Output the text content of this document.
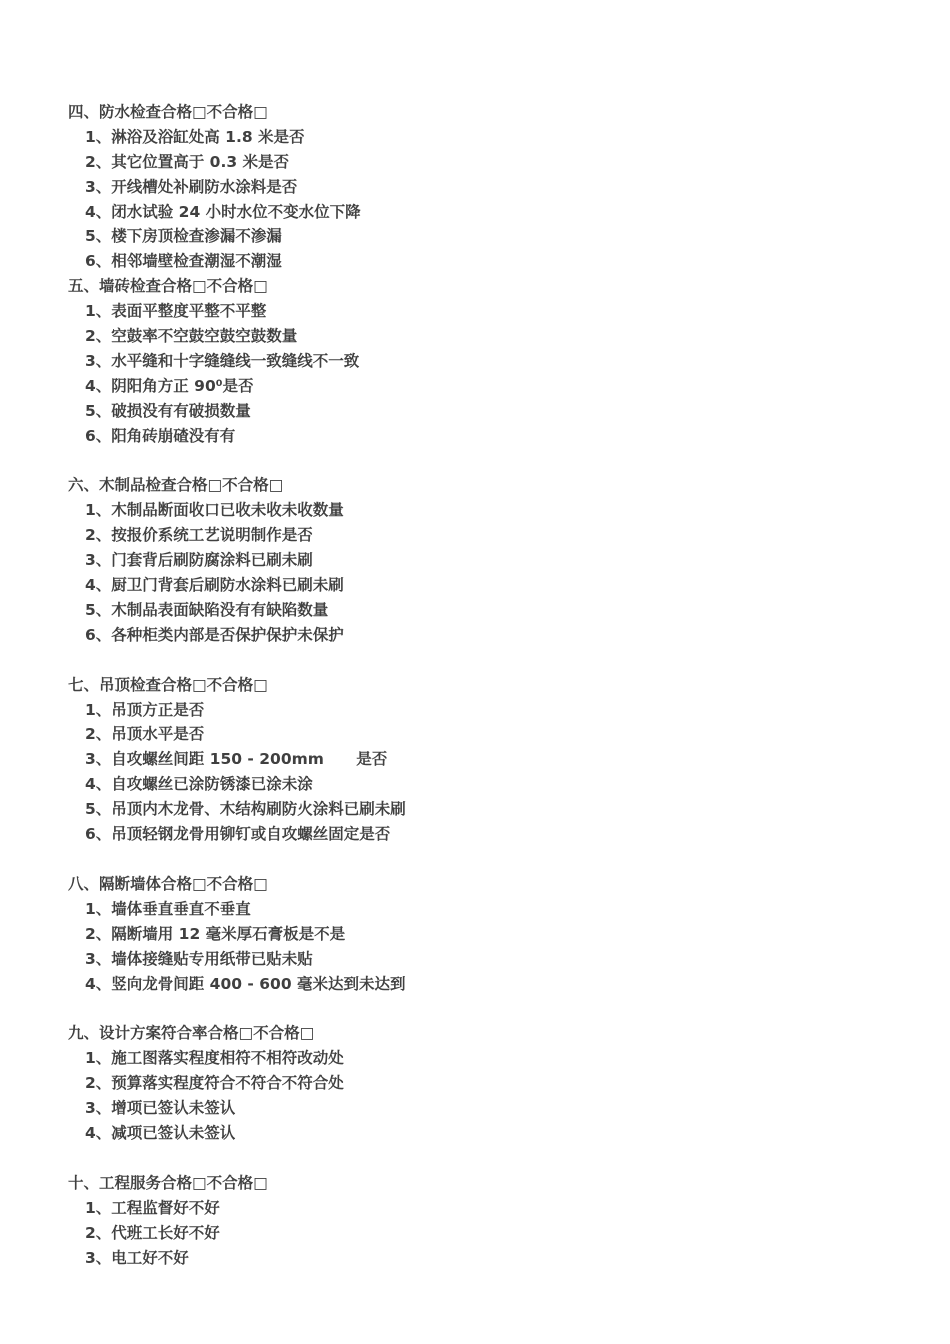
四、防水检查合格□不合格□
1、淋浴及浴缸处高 1.8 米是否
2、其它位置高于 0.3 米是否
3、开线槽处补刷防水涂料是否
4、闭水试验 24 小时水位不变水位下降
5、楼下房顶检查渗漏不渗漏
6、相邻墙壁检查潮湿不潮湿
五、墙砖检查合格□不合格□
1、表面平整度平整不平整
2、空鼓率不空鼓空鼓空鼓数量
3、水平缝和十字缝缝线一致缝线不一致
4、阴阳角方正 90⁰是否
5、破损没有有破损数量
6、阳角砖崩碴没有有
六、木制品检查合格□不合格□
1、木制品断面收口已收未收未收数量
2、按报价系统工艺说明制作是否
3、门套背后刷防腐涂料已刷未刷
4、厨卫门背套后刷防水涂料已刷未刷
5、木制品表面缺陷没有有缺陷数量
6、各种柜类内部是否保护保护未保护
七、吊顶检查合格□不合格□
1、吊顶方正是否
2、吊顶水平是否
3、自攻螺丝间距 150 - 200mm      是否
4、自攻螺丝已涂防锈漆已涂未涂
5、吊顶内木龙骨、木结构刷防火涂料已刷未刷
6、吊顶轻钢龙骨用铆钉或自攻螺丝固定是否
八、隔断墙体合格□不合格□
1、墙体垂直垂直不垂直
2、隔断墙用 12 毫米厚石膏板是不是
3、墙体接缝贴专用纸带已贴未贴
4、竖向龙骨间距 400 - 600 毫米达到未达到
九、设计方案符合率合格□不合格□
1、施工图落实程度相符不相符改动处
2、预算落实程度符合不符合不符合处
3、增项已签认未签认
4、减项已签认未签认
十、工程服务合格□不合格□
1、工程监督好不好
2、代班工长好不好
3、电工好不好
